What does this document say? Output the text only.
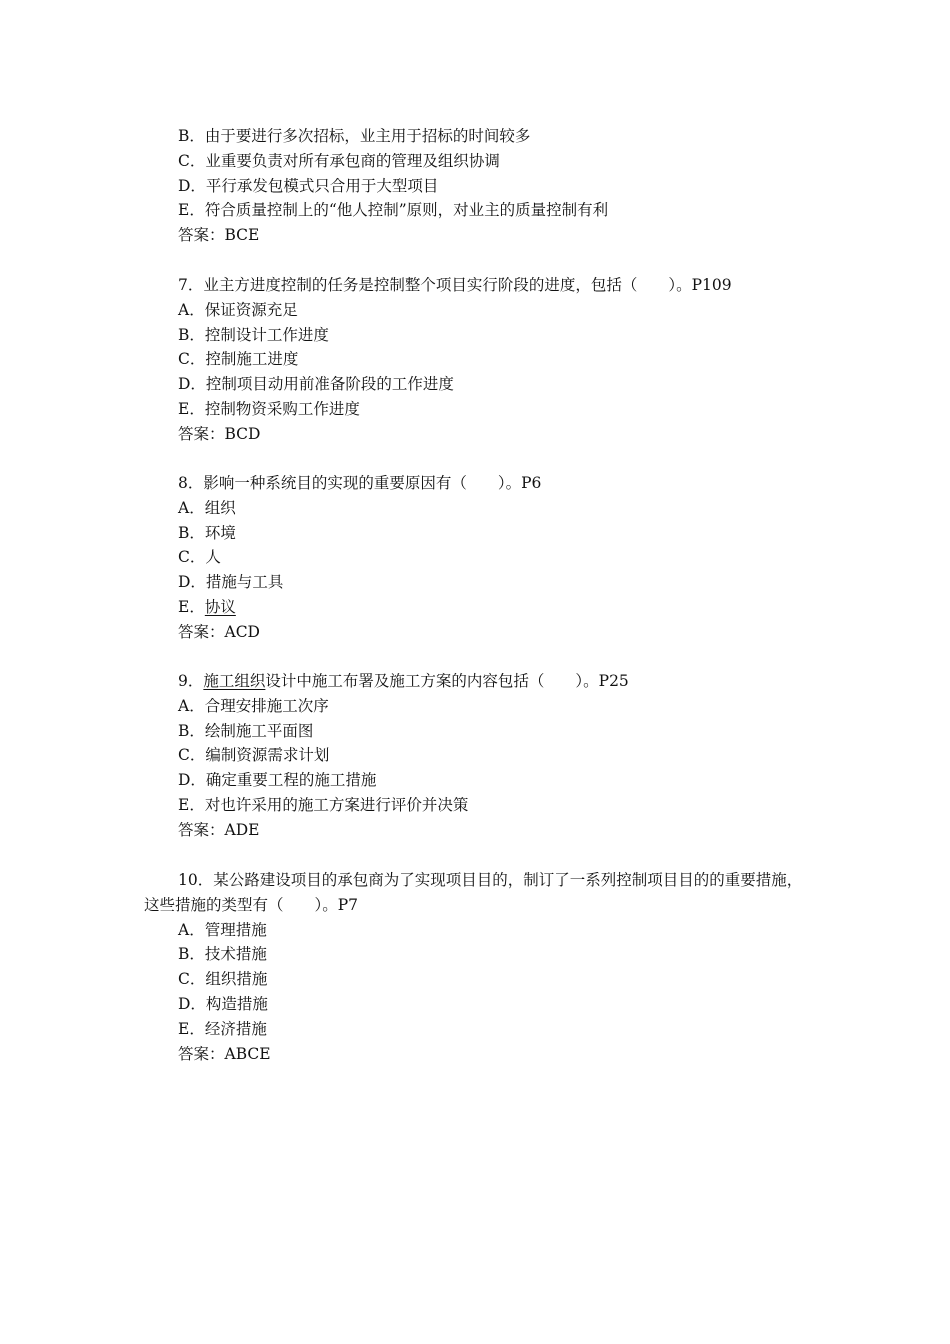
B．由于要进行多次招标，业主用于招标的时间较多
C．业重要负责对所有承包商的管理及组织协调
D．平行承发包模式只合用于大型项目
E．符合质量控制上的“他人控制”原则，对业主的质量控制有利
答案：BCE
7．业主方进度控制的任务是控制整个项目实行阶段的进度，包括（　　）。P109
A．保证资源充足
B．控制设计工作进度
C．控制施工进度
D．控制项目动用前准备阶段的工作进度
E．控制物资采购工作进度
答案：BCD
8．影响一种系统目的实现的重要原因有（　　）。P6
A．组织
B．环境
C．人
D．措施与工具
E．协议
答案：ACD
9．施工组织设计中施工布署及施工方案的内容包括（　　）。P25
A．合理安排施工次序
B．绘制施工平面图
C．编制资源需求计划
D．确定重要工程的施工措施
E．对也许采用的施工方案进行评价并决策
答案：ADE
10．某公路建设项目的承包商为了实现项目目的，制订了一系列控制项目目的的重要措施，这些措施的类型有（　　）。P7
A．管理措施
B．技术措施
C．组织措施
D．构造措施
E．经济措施
答案：ABCE
